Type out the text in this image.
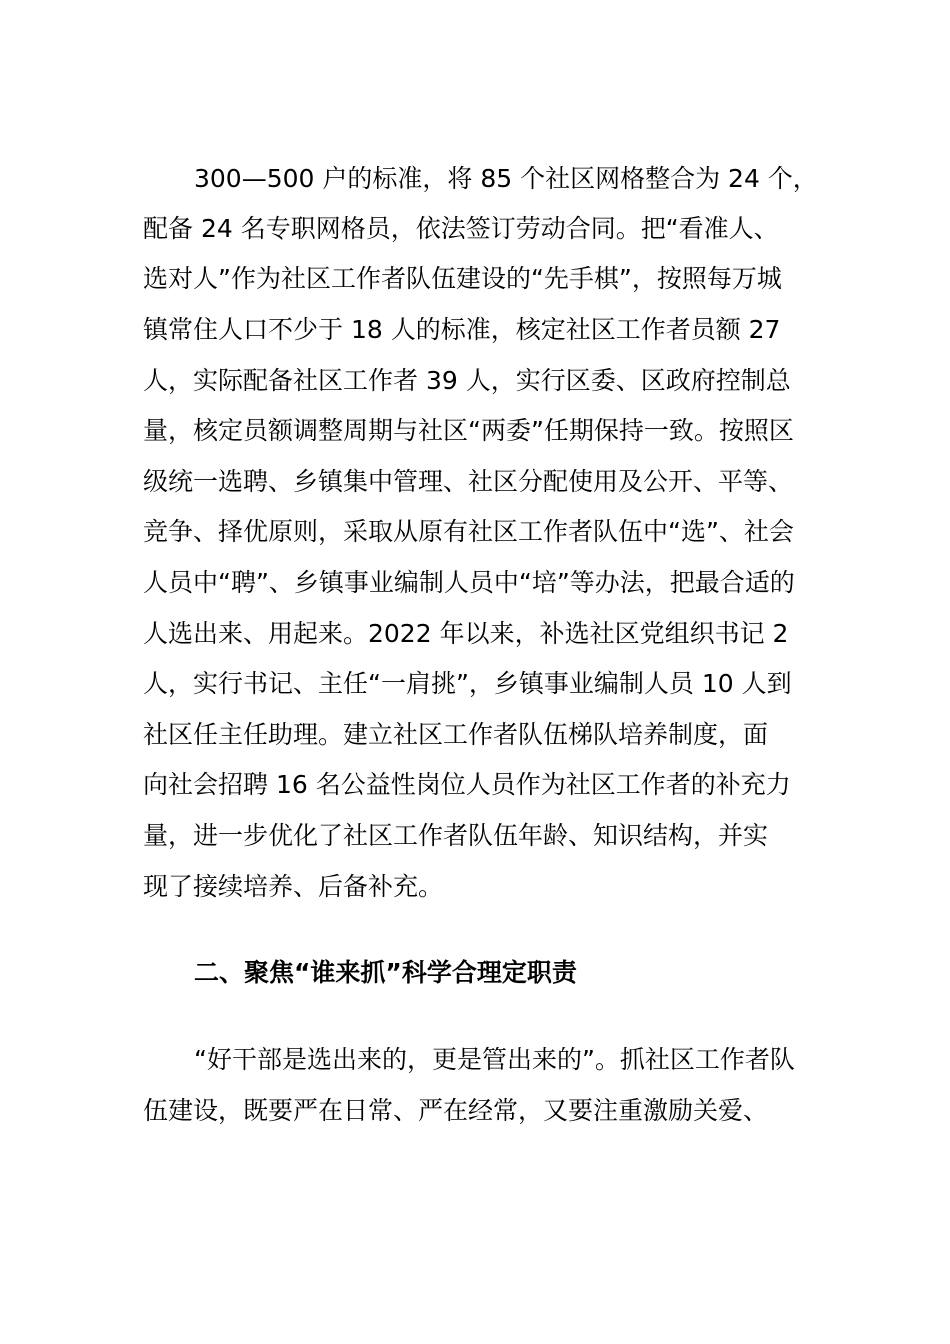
300—500 户的标准，将 85 个社区网格整合为 24 个，
配备 24 名专职网格员，依法签订劳动合同。把“看准人、
选对人”作为社区工作者队伍建设的“先手棋”，按照每万城
镇常住人口不少于 18 人的标准，核定社区工作者员额 27
人，实际配备社区工作者 39 人，实行区委、区政府控制总
量，核定员额调整周期与社区“两委”任期保持一致。按照区
级统一选聘、乡镇集中管理、社区分配使用及公开、平等、
竞争、择优原则，采取从原有社区工作者队伍中“选”、社会
人员中“聘”、乡镇事业编制人员中“培”等办法，把最合适的
人选出来、用起来。2022 年以来，补选社区党组织书记 2
人，实行书记、主任“一肩挑”，乡镇事业编制人员 10 人到
社区任主任助理。建立社区工作者队伍梯队培养制度，面
向社会招聘 16 名公益性岗位人员作为社区工作者的补充力
量，进一步优化了社区工作者队伍年龄、知识结构，并实
现了接续培养、后备补充。
二、聚焦“谁来抓”科学合理定职责
“好干部是选出来的，更是管出来的”。抓社区工作者队
伍建设，既要严在日常、严在经常，又要注重激励关爱、
